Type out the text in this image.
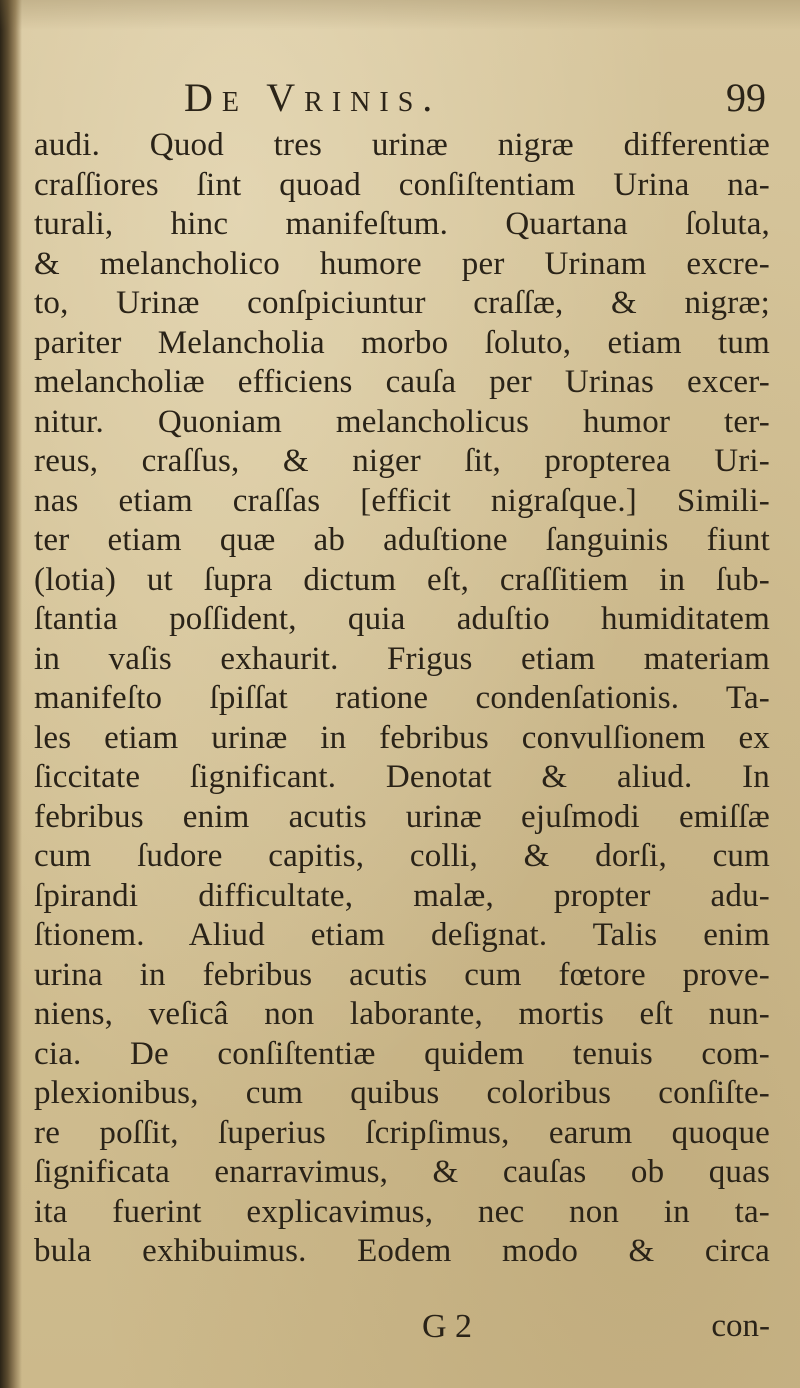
De Vrinis.	99
audi. Quod tres urinæ nigræ differentiæ
craſſiores ſint quoad conſiſtentiam Urina na-
turali, hinc manifeſtum. Quartana ſoluta,
& melancholico humore per Urinam excre-
to, Urinæ conſpiciuntur craſſæ, & nigræ;
pariter Melancholia morbo ſoluto, etiam tum
melancholiæ efficiens cauſa per Urinas excer-
nitur. Quoniam melancholicus humor ter-
reus, craſſus, & niger ſit, propterea Uri-
nas etiam craſſas [efficit nigraſque.] Simili-
ter etiam quæ ab aduſtione ſanguinis fiunt
(lotia) ut ſupra dictum eſt, craſſitiem in ſub-
ſtantia poſſident, quia aduſtio humiditatem
in vaſis exhaurit. Frigus etiam materiam
manifeſto ſpiſſat ratione condenſationis. Ta-
les etiam urinæ in febribus convulſionem ex
ſiccitate ſignificant. Denotat & aliud. In
febribus enim acutis urinæ ejuſmodi emiſſæ
cum ſudore capitis, colli, & dorſi, cum
ſpirandi difficultate, malæ, propter adu-
ſtionem. Aliud etiam deſignat. Talis enim
urina in febribus acutis cum fœtore prove-
niens, veſicâ non laborante, mortis eſt nun-
cia. De conſiſtentiæ quidem tenuis com-
plexionibus, cum quibus coloribus conſiſte-
re poſſit, ſuperius ſcripſimus, earum quoque
ſignificata enarravimus, & cauſas ob quas
ita fuerint explicavimus, nec non in ta-
bula exhibuimus. Eodem modo & circa
G 2	con-
